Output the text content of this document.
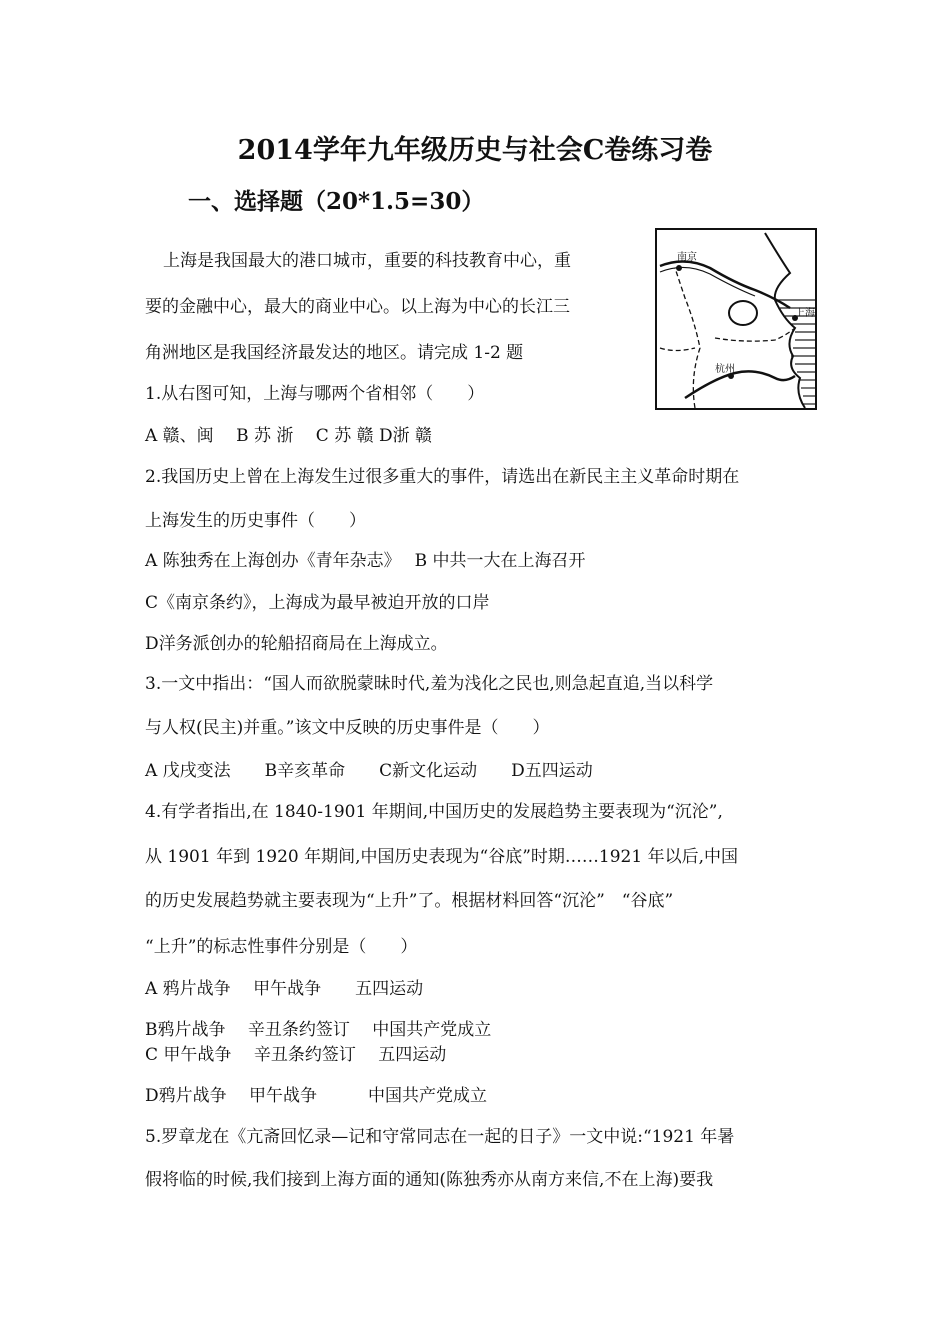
2014学年九年级历史与社会C卷练习卷
一、选择题（20*1.5=30）
上海是我国最大的港口城市，重要的科技教育中心，重
要的金融中心，最大的商业中心。以上海为中心的长江三
角洲地区是我国经济最发达的地区。请完成 1-2 题
南京
上海
杭州
1.从右图可知，上海与哪两个省相邻（　　）
A 赣、闽　 B 苏 浙　 C 苏 赣 D浙 赣
2.我国历史上曾在上海发生过很多重大的事件，请选出在新民主主义革命时期在
上海发生的历史事件（　　）
A 陈独秀在上海创办《青年杂志》　 B 中共一大在上海召开
C《南京条约》，上海成为最早被迫开放的口岸
D洋务派创办的轮船招商局在上海成立。
3.一文中指出：“国人而欲脱蒙昧时代,羞为浅化之民也,则急起直追,当以科学
与人权(民主)并重。”该文中反映的历史事件是（　　）
A 戊戌变法　　B辛亥革命　　C新文化运动　　D五四运动
4.有学者指出,在 1840-1901 年期间,中国历史的发展趋势主要表现为“沉沦”,
从 1901 年到 1920 年期间,中国历史表现为“谷底”时期……1921 年以后,中国
的历史发展趋势就主要表现为“上升”了。根据材料回答“沉沦”　“谷底”
“上升”的标志性事件分别是（　　）
A 鸦片战争　 甲午战争　　五四运动
B鸦片战争　 辛丑条约签订　 中国共产党成立
C 甲午战争　 辛丑条约签订　 五四运动
D鸦片战争　 甲午战争　　　中国共产党成立
5.罗章龙在《亢斋回忆录—记和守常同志在一起的日子》一文中说:“1921 年暑
假将临的时候,我们接到上海方面的通知(陈独秀亦从南方来信,不在上海)要我
